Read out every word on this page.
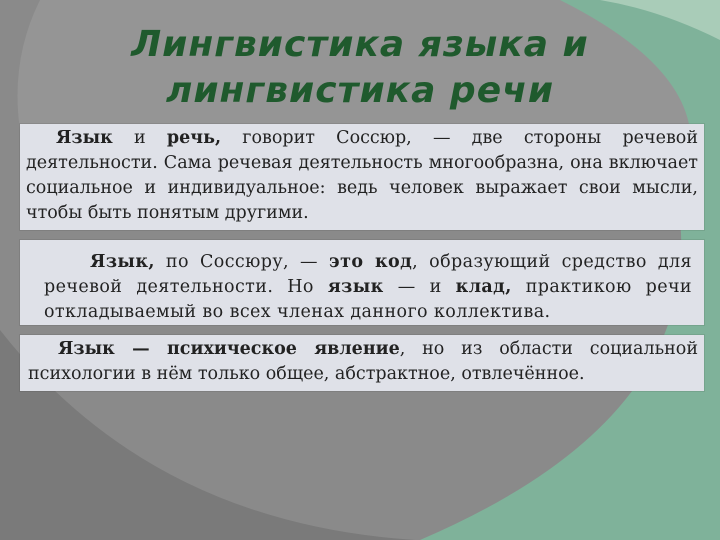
Лингвистика языка и
лингвистика речи

Язык и речь, говорит Соссюр, — две стороны речевой деятельности. Сама речевая деятельность многообразна, она включает социальное и индивидуальное: ведь человек выражает свои мысли, чтобы быть понятым другими.

Язык, по Соссюру, — это код, образующий средство для речевой деятельности. Но язык — и клад, практикою речи откладываемый во всех членах данного коллектива.

Язык — психическое явление, но из области социальной психологии в нём только общее, абстрактное, отвлечённое.
